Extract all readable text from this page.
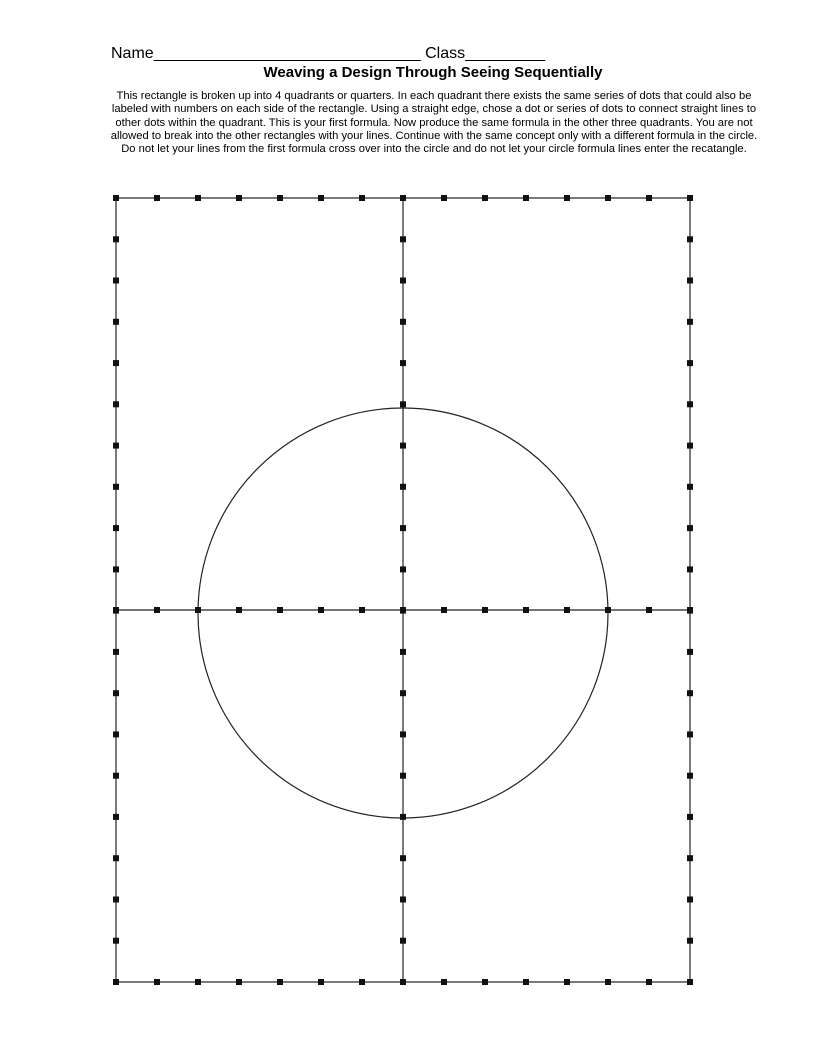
Name______________________________ Class_________
Weaving a Design Through Seeing Sequentially
This rectangle is broken up into 4 quadrants or quarters. In each quadrant there exists the same series of dots that could also be labeled with numbers on each side of the rectangle. Using a straight edge, chose a dot or series of dots to connect straight lines to other dots within the quadrant. This is your first formula. Now produce the same formula in the other three quadrants. You are not allowed to break into the other rectangles with your lines. Continue with the same concept only with a different formula in the circle. Do not let your lines from the first formula cross over into the circle and do not let your circle formula lines enter the recatangle.
